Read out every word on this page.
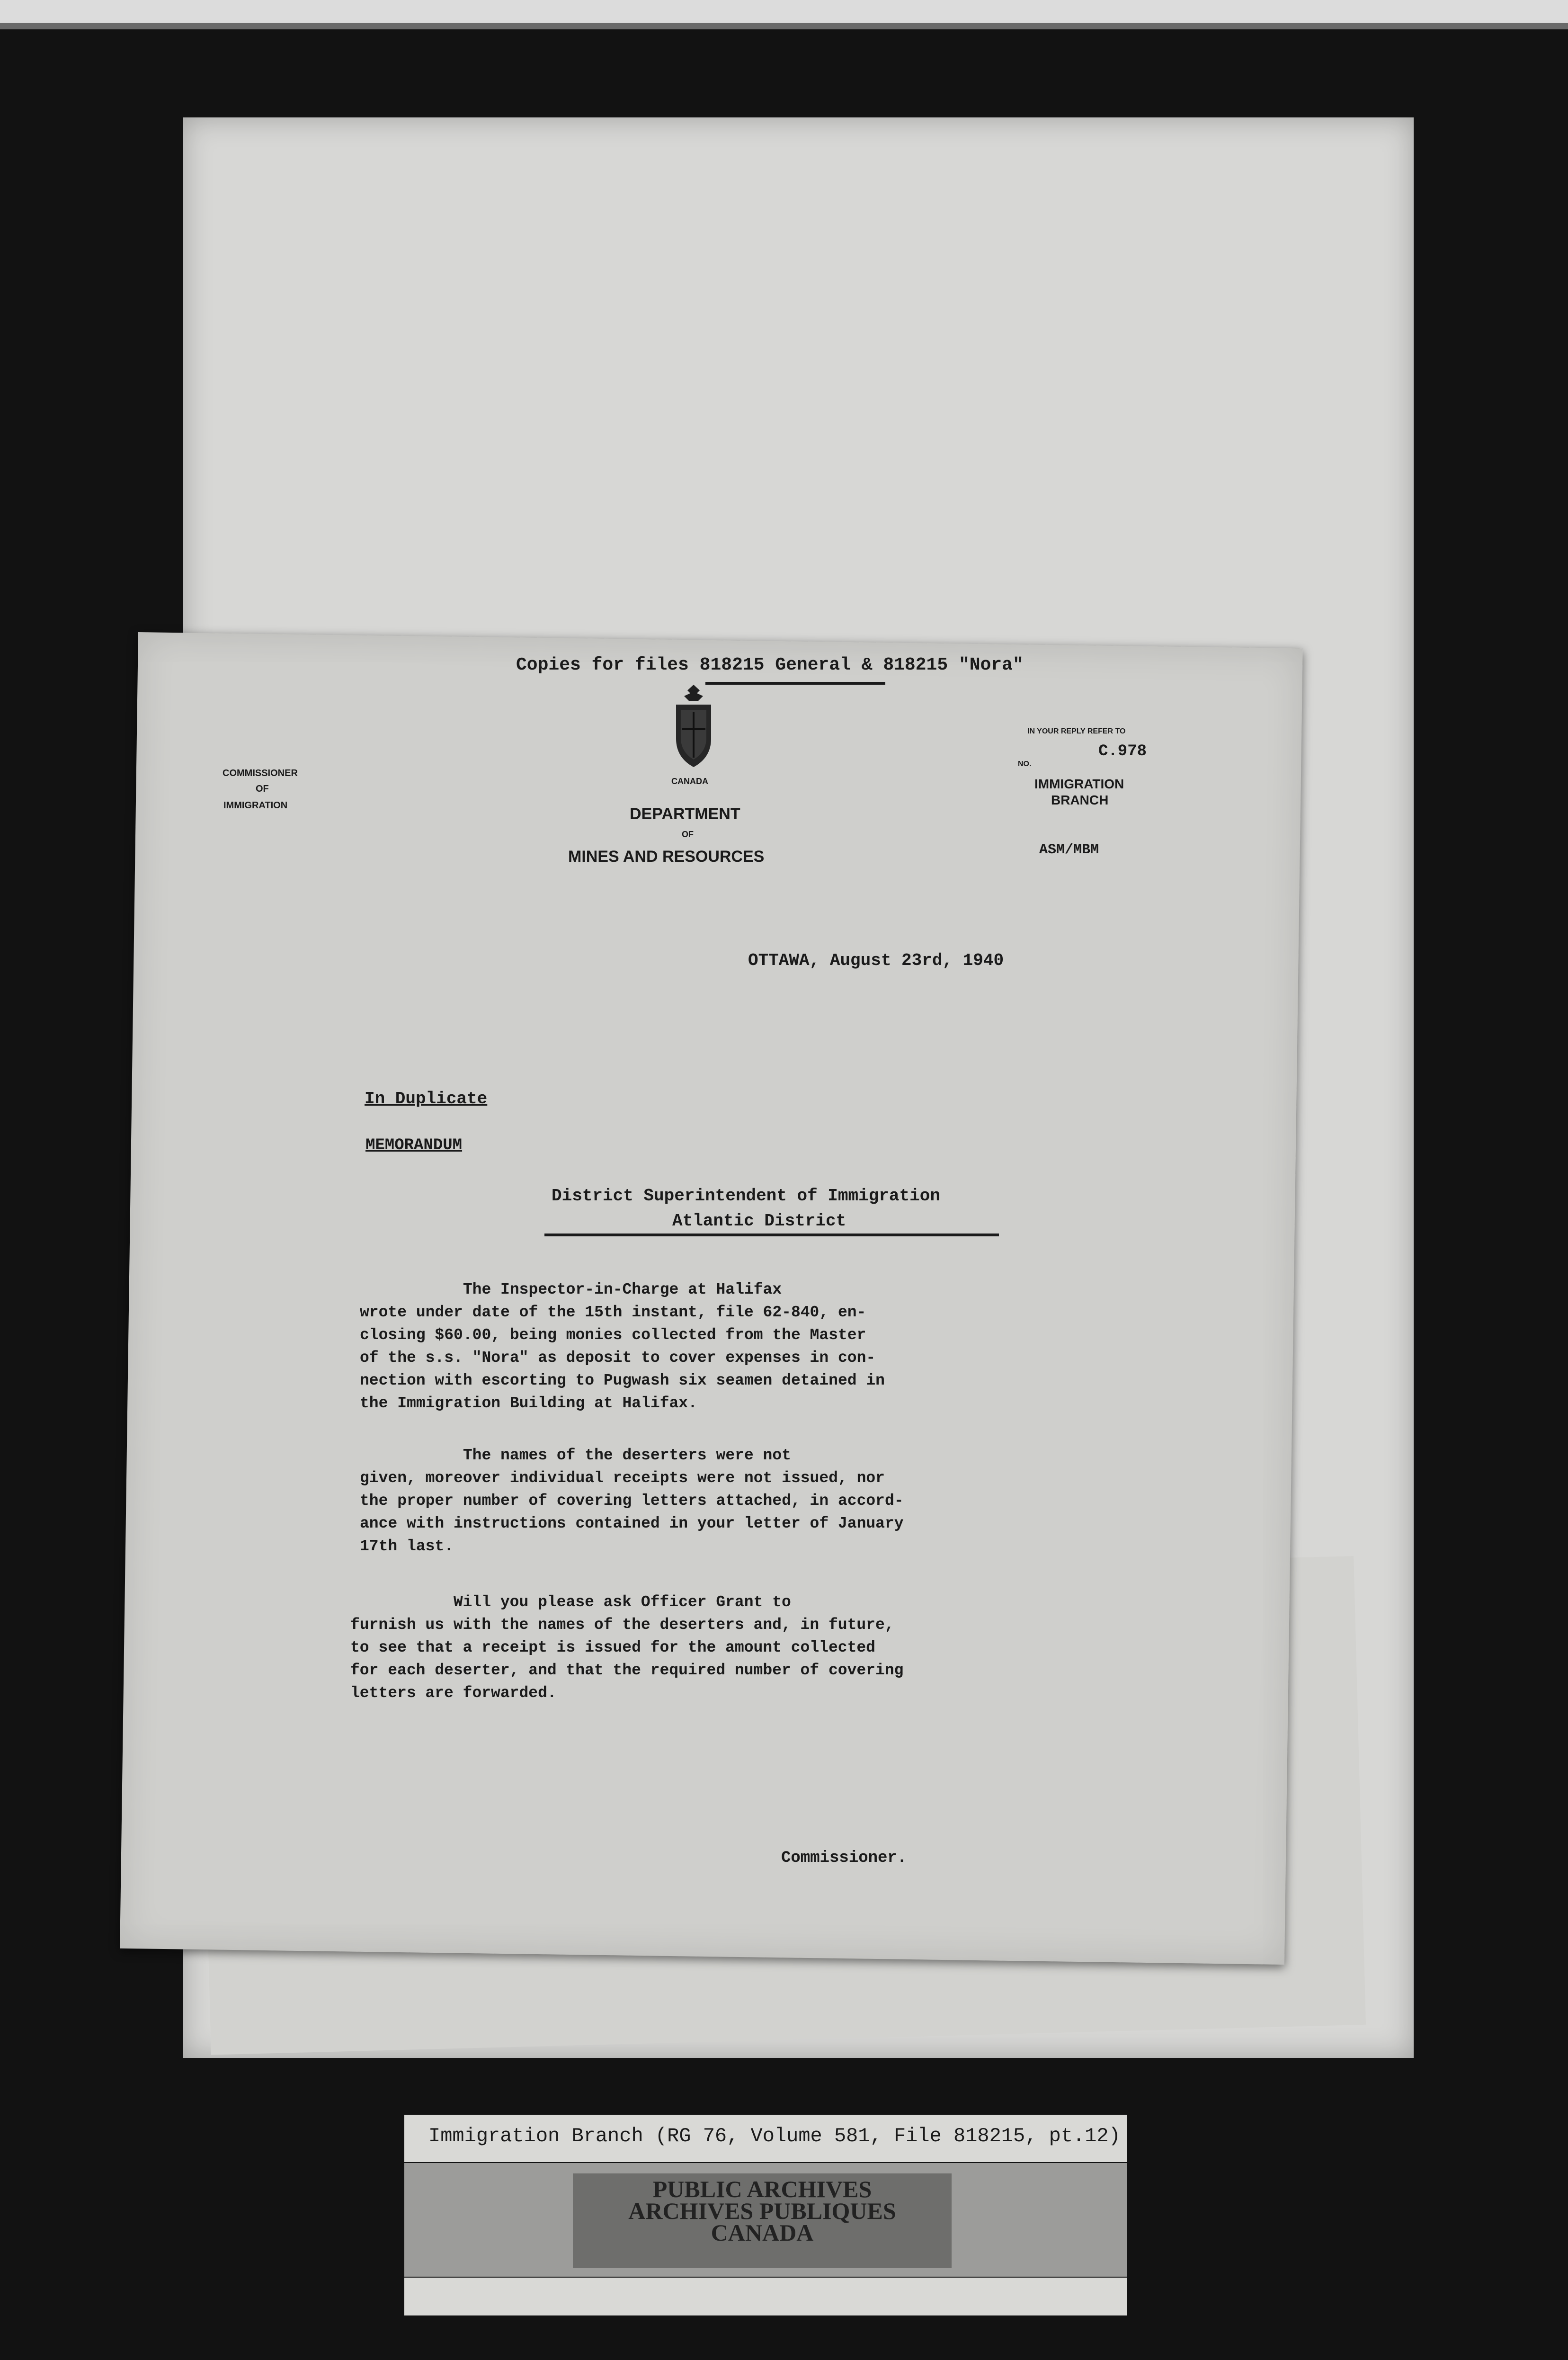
Copies for files 818215 General & 818215 "Nora"
CANADA
DEPARTMENT
OF
MINES AND RESOURCES
COMMISSIONER
OF
IMMIGRATION
IN YOUR REPLY REFER TO
C.978
NO.
IMMIGRATION
BRANCH
ASM/MBM
OTTAWA, August 23rd, 1940
In Duplicate
MEMORANDUM
District Superintendent of Immigration
Atlantic District
The Inspector-in-Charge at Halifax
wrote under date of the 15th instant, file 62-840, en-
closing $60.00, being monies collected from the Master
of the s.s. "Nora" as deposit to cover expenses in con-
nection with escorting to Pugwash six seamen detained in
the Immigration Building at Halifax.
The names of the deserters were not
given, moreover individual receipts were not issued, nor
the proper number of covering letters attached, in accord-
ance with instructions contained in your letter of January
17th last.
Will you please ask Officer Grant to
furnish us with the names of the deserters and, in future,
to see that a receipt is issued for the amount collected
for each deserter, and that the required number of covering
letters are forwarded.
Commissioner.
Immigration Branch (RG 76, Volume 581, File 818215, pt.12)
PUBLIC ARCHIVES
ARCHIVES PUBLIQUES
CANADA
